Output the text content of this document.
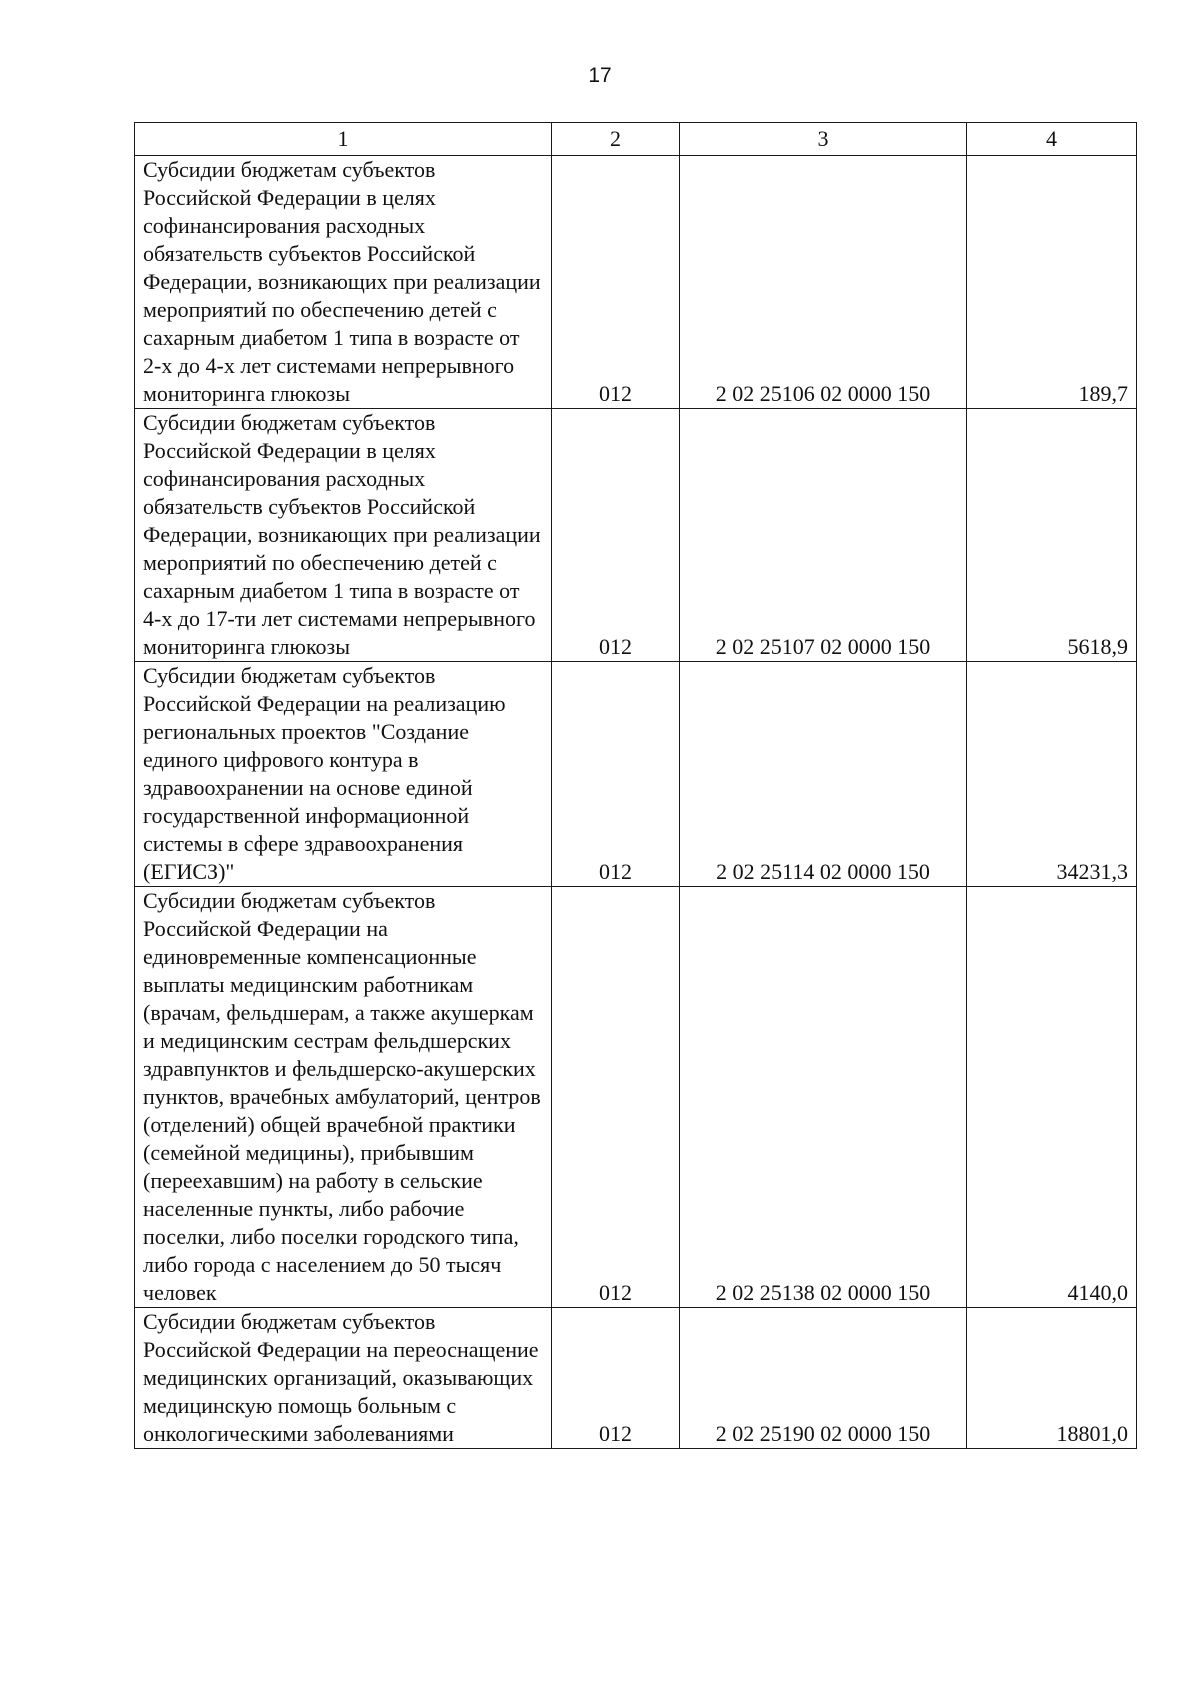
17
1	2	3	4
Субсидии бюджетам субъектов Российской Федерации в целях софинансирования расходных обязательств субъектов Российской Федерации, возникающих при реализации мероприятий по обеспечению детей с сахарным диабетом 1 типа в возрасте от 2-х до 4-х лет системами непрерывного мониторинга глюкозы	012	2 02 25106 02 0000 150	189,7
Субсидии бюджетам субъектов Российской Федерации в целях софинансирования расходных обязательств субъектов Российской Федерации, возникающих при реализации мероприятий по обеспечению детей с сахарным диабетом 1 типа в возрасте от 4-х до 17-ти лет системами непрерывного мониторинга глюкозы	012	2 02 25107 02 0000 150	5618,9
Субсидии бюджетам субъектов Российской Федерации на реализацию региональных проектов "Создание единого цифрового контура в здравоохранении на основе единой государственной информационной системы в сфере здравоохранения (ЕГИСЗ)"	012	2 02 25114 02 0000 150	34231,3
Субсидии бюджетам субъектов Российской Федерации на единовременные компенсационные выплаты медицинским работникам (врачам, фельдшерам, а также акушеркам и медицинским сестрам фельдшерских здравпунктов и фельдшерско-акушерских пунктов, врачебных амбулаторий, центров (отделений) общей врачебной практики (семейной медицины), прибывшим (переехавшим) на работу в сельские населенные пункты, либо рабочие поселки, либо поселки городского типа, либо города с населением до 50 тысяч человек	012	2 02 25138 02 0000 150	4140,0
Субсидии бюджетам субъектов Российской Федерации на переоснащение медицинских организаций, оказывающих медицинскую помощь больным с онкологическими заболеваниями	012	2 02 25190 02 0000 150	18801,0
